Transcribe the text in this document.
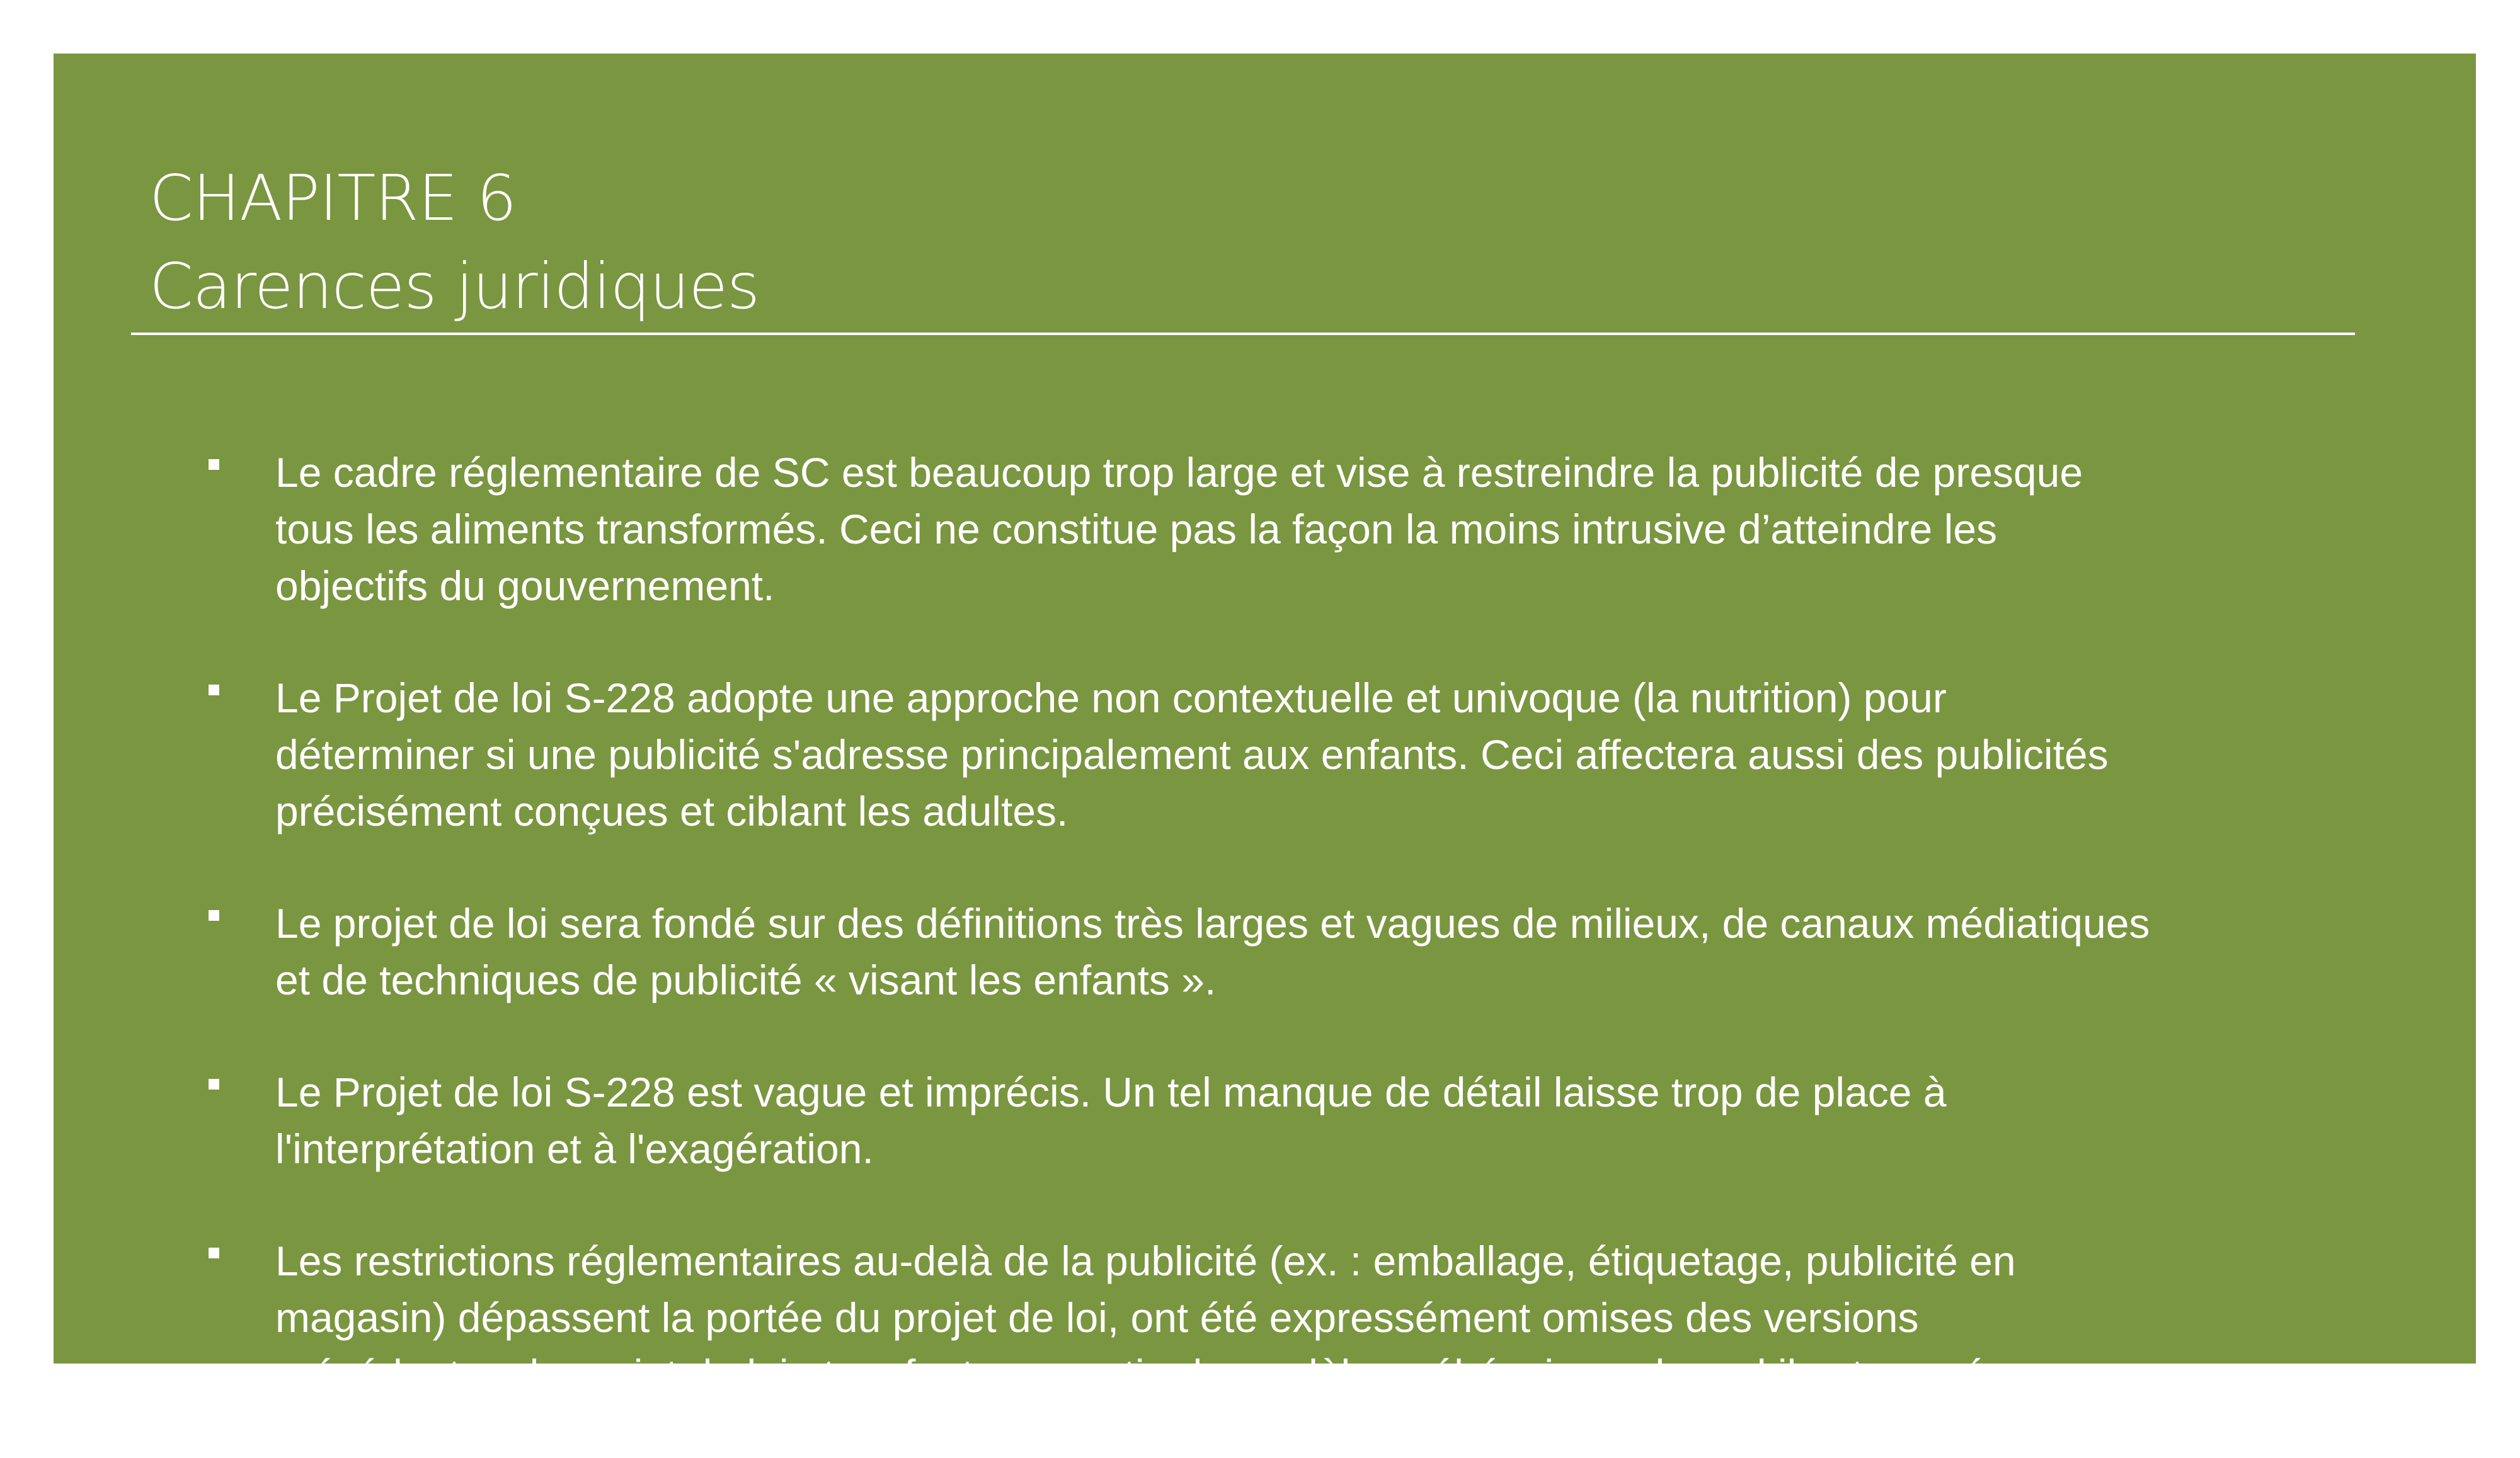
CHAPITRE 6
Carences juridiques
Le cadre réglementaire de SC est beaucoup trop large et vise à restreindre la publicité de presque
tous les aliments transformés. Ceci ne constitue pas la façon la moins intrusive d’atteindre les
objectifs du gouvernement.
Le Projet de loi S-228 adopte une approche non contextuelle et univoque (la nutrition) pour
déterminer si une publicité s'adresse principalement aux enfants. Ceci affectera aussi des publicités
précisément conçues et ciblant les adultes.
Le projet de loi sera fondé sur des définitions très larges et vagues de milieux, de canaux médiatiques
et de techniques de publicité « visant les enfants ».
Le Projet de loi S-228 est vague et imprécis. Un tel manque de détail laisse trop de place à
l'interprétation et à l'exagération.
Les restrictions réglementaires au-delà de la publicité (ex. : emballage, étiquetage, publicité en
magasin) dépassent la portée du projet de loi, ont été expressément omises des versions
précédentes du projet de loi et ne font pas partie du modèle québécois sur lequel il est censé se
